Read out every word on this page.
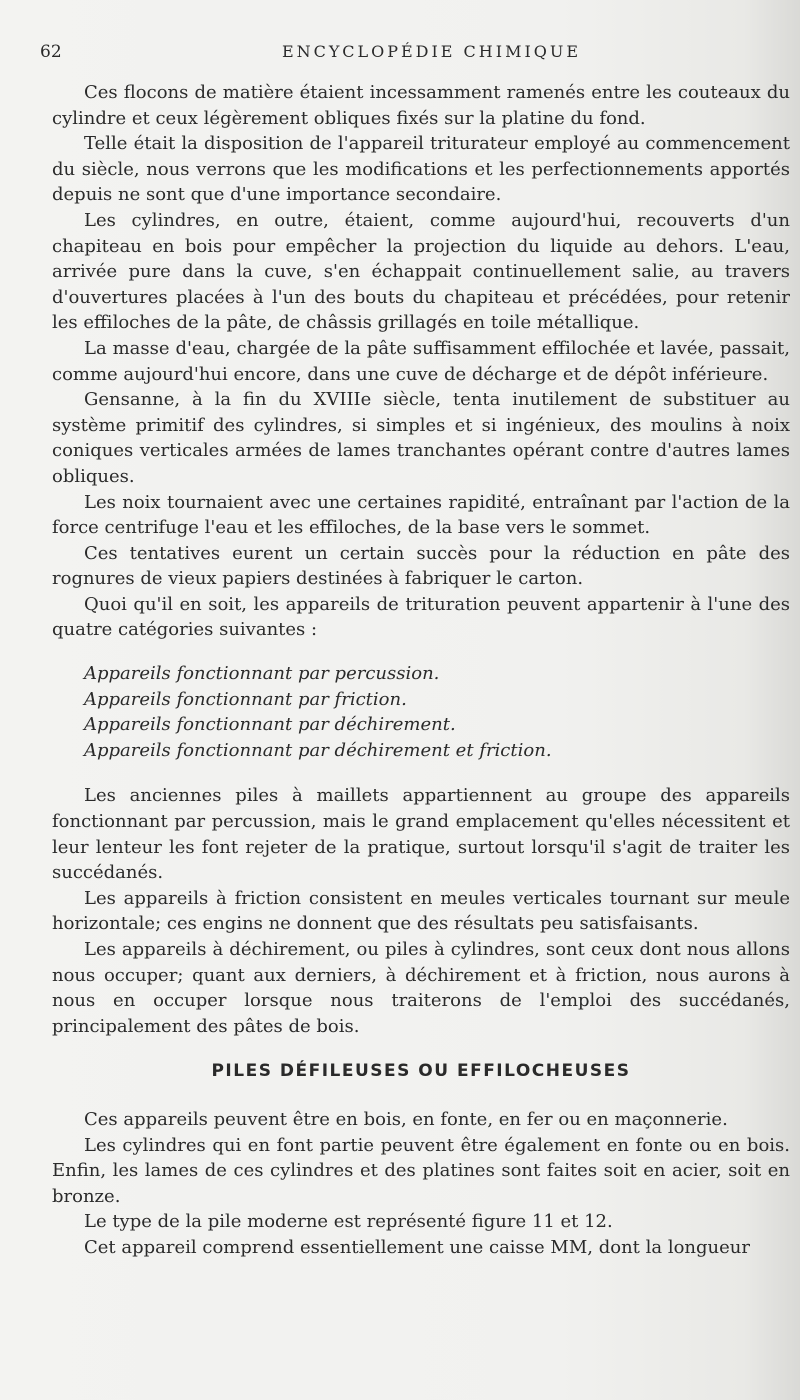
62	ENCYCLOPÉDIE CHIMIQUE

Ces flocons de matière étaient incessamment ramenés entre les couteaux du cylindre et ceux légèrement obliques fixés sur la platine du fond.

Telle était la disposition de l'appareil triturateur employé au commencement du siècle, nous verrons que les modifications et les perfectionnements apportés depuis ne sont que d'une importance secondaire.

Les cylindres, en outre, étaient, comme aujourd'hui, recouverts d'un chapiteau en bois pour empêcher la projection du liquide au dehors. L'eau, arrivée pure dans la cuve, s'en échappait continuellement salie, au travers d'ouvertures placées à l'un des bouts du chapiteau et précédées, pour retenir les effiloches de la pâte, de châssis grillagés en toile métallique.

La masse d'eau, chargée de la pâte suffisamment effilochée et lavée, passait, comme aujourd'hui encore, dans une cuve de décharge et de dépôt inférieure.

Gensanne, à la fin du XVIIIe siècle, tenta inutilement de substituer au système primitif des cylindres, si simples et si ingénieux, des moulins à noix coniques verticales armées de lames tranchantes opérant contre d'autres lames obliques.

Les noix tournaient avec une certaines rapidité, entraînant par l'action de la force centrifuge l'eau et les effiloches, de la base vers le sommet.

Ces tentatives eurent un certain succès pour la réduction en pâte des rognures de vieux papiers destinées à fabriquer le carton.

Quoi qu'il en soit, les appareils de trituration peuvent appartenir à l'une des quatre catégories suivantes :

Appareils fonctionnant par percussion.
Appareils fonctionnant par friction.
Appareils fonctionnant par déchirement.
Appareils fonctionnant par déchirement et friction.

Les anciennes piles à maillets appartiennent au groupe des appareils fonctionnant par percussion, mais le grand emplacement qu'elles nécessitent et leur lenteur les font rejeter de la pratique, surtout lorsqu'il s'agit de traiter les succédanés.

Les appareils à friction consistent en meules verticales tournant sur meule horizontale; ces engins ne donnent que des résultats peu satisfaisants.

Les appareils à déchirement, ou piles à cylindres, sont ceux dont nous allons nous occuper; quant aux derniers, à déchirement et à friction, nous aurons à nous en occuper lorsque nous traiterons de l'emploi des succédanés, principalement des pâtes de bois.

PILES DÉFILEUSES OU EFFILOCHEUSES

Ces appareils peuvent être en bois, en fonte, en fer ou en maçonnerie.

Les cylindres qui en font partie peuvent être également en fonte ou en bois. Enfin, les lames de ces cylindres et des platines sont faites soit en acier, soit en bronze.

Le type de la pile moderne est représenté figure 11 et 12.

Cet appareil comprend essentiellement une caisse MM, dont la longueur
